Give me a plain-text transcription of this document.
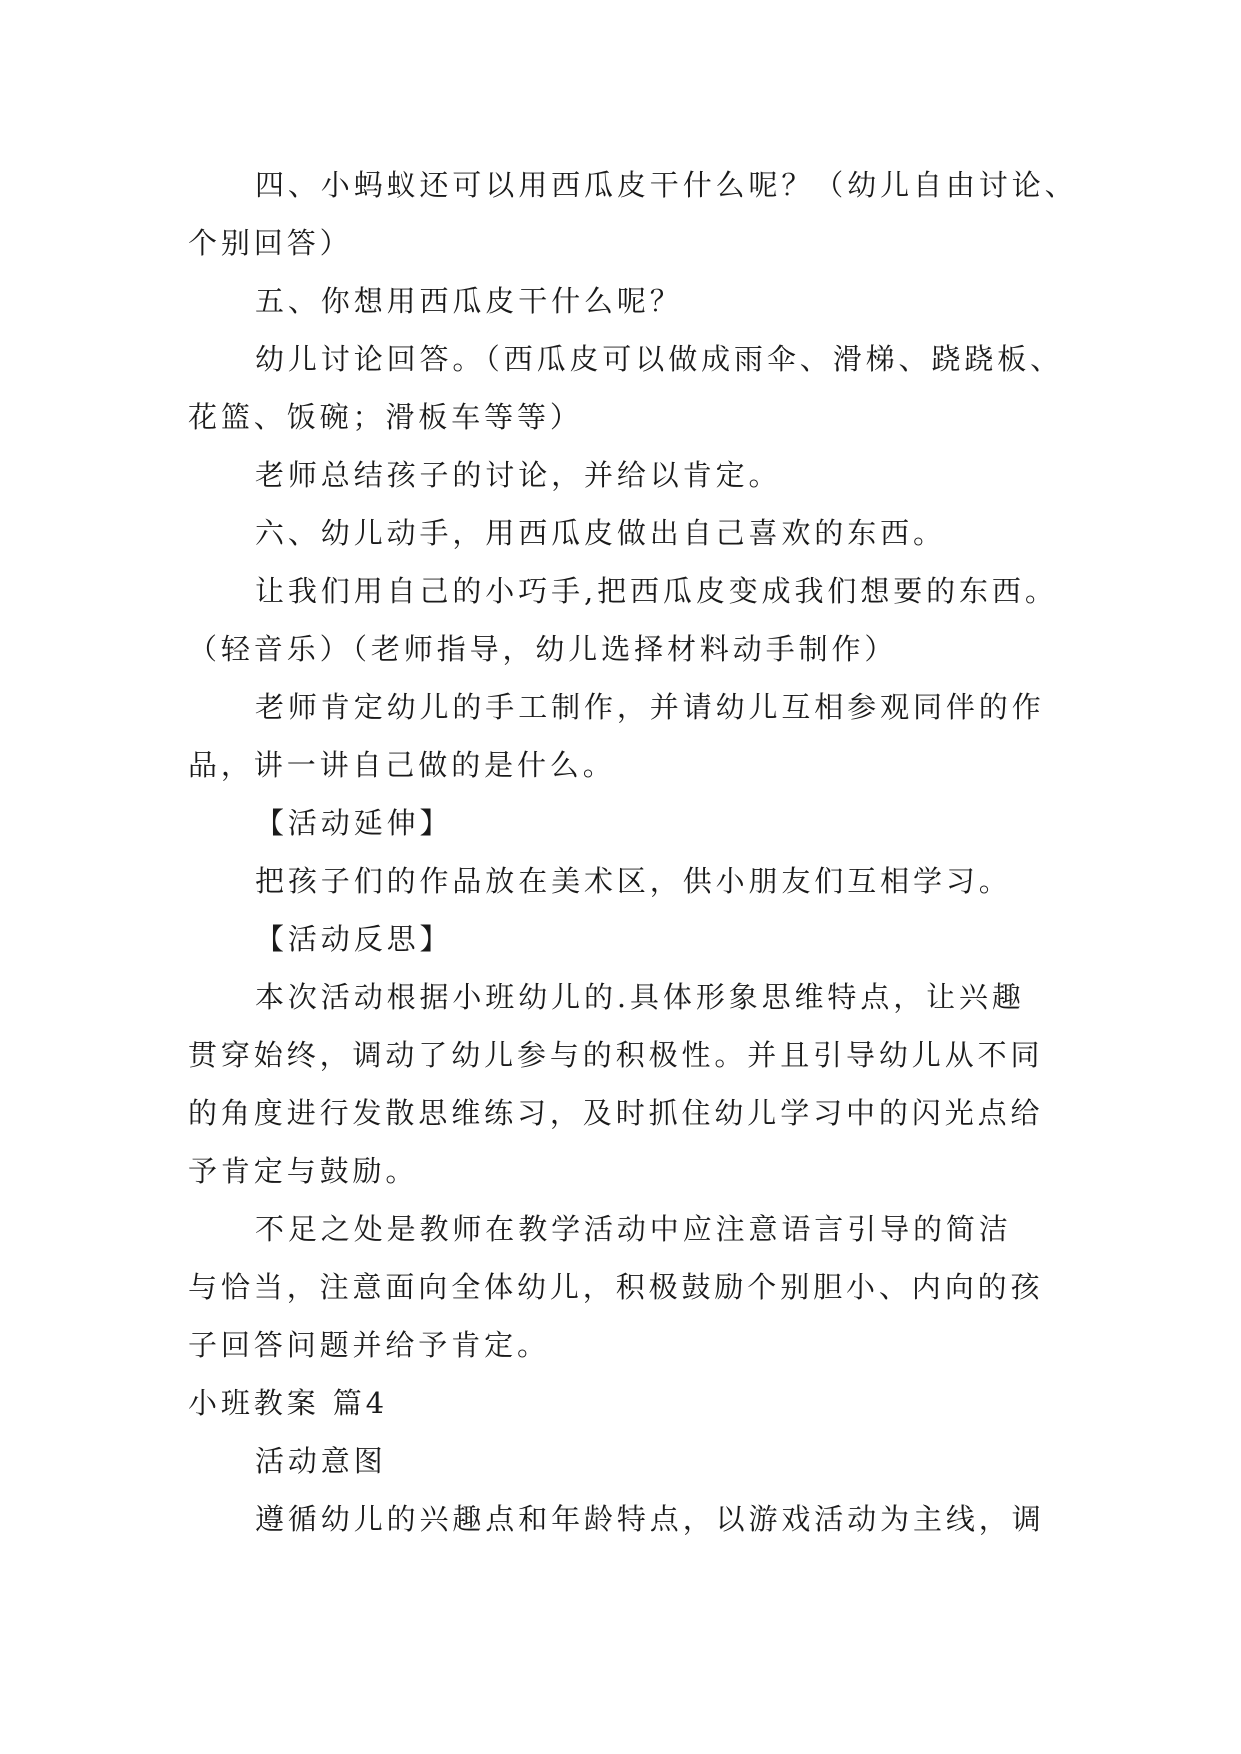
四、小蚂蚁还可以用西瓜皮干什么呢？（幼儿自由讨论、
个别回答）
五、你想用西瓜皮干什么呢？
幼儿讨论回答。（西瓜皮可以做成雨伞、滑梯、跷跷板、
花篮、饭碗；滑板车等等）
老师总结孩子的讨论，并给以肯定。
六、幼儿动手，用西瓜皮做出自己喜欢的东西。
让我们用自己的小巧手,把西瓜皮变成我们想要的东西。
（轻音乐）（老师指导，幼儿选择材料动手制作）
老师肯定幼儿的手工制作，并请幼儿互相参观同伴的作
品，讲一讲自己做的是什么。
【活动延伸】
把孩子们的作品放在美术区，供小朋友们互相学习。
【活动反思】
本次活动根据小班幼儿的.具体形象思维特点，让兴趣
贯穿始终，调动了幼儿参与的积极性。并且引导幼儿从不同
的角度进行发散思维练习，及时抓住幼儿学习中的闪光点给
予肯定与鼓励。
不足之处是教师在教学活动中应注意语言引导的简洁
与恰当，注意面向全体幼儿，积极鼓励个别胆小、内向的孩
子回答问题并给予肯定。
小班教案 篇4
活动意图
遵循幼儿的兴趣点和年龄特点，以游戏活动为主线，调
